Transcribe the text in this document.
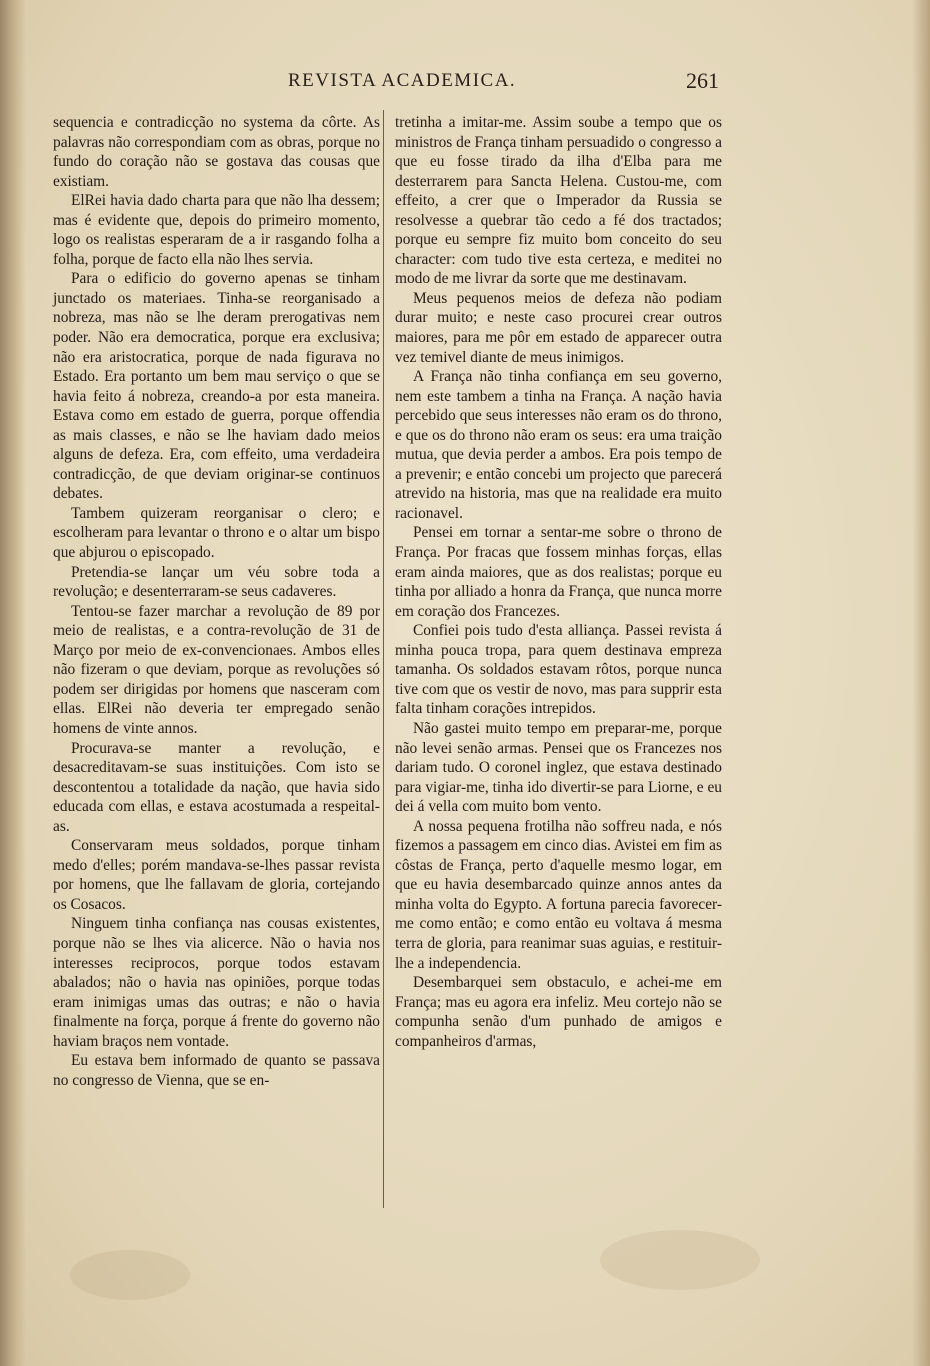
REVISTA ACADEMICA.	261

sequencia e contradicção no systema da côrte. As palavras não correspondiam com as obras, porque no fundo do coração não se gostava das cousas que existiam.

ElRei havia dado charta para que não lha dessem; mas é evidente que, depois do primeiro momento, logo os realistas esperaram de a ir rasgando folha a folha, porque de facto ella não lhes servia.

Para o edificio do governo apenas se tinham junctado os materiaes. Tinha-se reorganisado a nobreza, mas não se lhe deram prerogativas nem poder. Não era democratica, porque era exclusiva; não era aristocratica, porque de nada figurava no Estado. Era portanto um bem mau serviço o que se havia feito á nobreza, creando-a por esta maneira. Estava como em estado de guerra, porque offendia as mais classes, e não se lhe haviam dado meios alguns de defeza. Era, com effeito, uma verdadeira contradicção, de que deviam originar-se continuos debates.

Tambem quizeram reorganisar o clero; e escolheram para levantar o throno e o altar um bispo que abjurou o episcopado.

Pretendia-se lançar um véu sobre toda a revolução; e desenterraram-se seus cadaveres.

Tentou-se fazer marchar a revolução de 89 por meio de realistas, e a contra-revolução de 31 de Março por meio de ex-convencionaes. Ambos elles não fizeram o que deviam, porque as revoluções só podem ser dirigidas por homens que nasceram com ellas. ElRei não deveria ter empregado senão homens de vinte annos.

Procurava-se manter a revolução, e desacreditavam-se suas instituições. Com isto se descontentou a totalidade da nação, que havia sido educada com ellas, e estava acostumada a respeital-as.

Conservaram meus soldados, porque tinham medo d'elles; porém mandava-se-lhes passar revista por homens, que lhe fallavam de gloria, cortejando os Cosacos.

Ninguem tinha confiança nas cousas existentes, porque não se lhes via alicerce. Não o havia nos interesses reciprocos, porque todos estavam abalados; não o havia nas opiniões, porque todas eram inimigas umas das outras; e não o havia finalmente na força, porque á frente do governo não haviam braços nem vontade.

Eu estava bem informado de quanto se passava no congresso de Vienna, que se en-

tretinha a imitar-me. Assim soube a tempo que os ministros de França tinham persuadido o congresso a que eu fosse tirado da ilha d'Elba para me desterrarem para Sancta Helena. Custou-me, com effeito, a crer que o Imperador da Russia se resolvesse a quebrar tão cedo a fé dos tractados; porque eu sempre fiz muito bom conceito do seu character: com tudo tive esta certeza, e meditei no modo de me livrar da sorte que me destinavam.

Meus pequenos meios de defeza não podiam durar muito; e neste caso procurei crear outros maiores, para me pôr em estado de apparecer outra vez temivel diante de meus inimigos.

A França não tinha confiança em seu governo, nem este tambem a tinha na França. A nação havia percebido que seus interesses não eram os do throno, e que os do throno não eram os seus: era uma traição mutua, que devia perder a ambos. Era pois tempo de a prevenir; e então concebi um projecto que parecerá atrevido na historia, mas que na realidade era muito racionavel.

Pensei em tornar a sentar-me sobre o throno de França. Por fracas que fossem minhas forças, ellas eram ainda maiores, que as dos realistas; porque eu tinha por alliado a honra da França, que nunca morre em coração dos Francezes.

Confiei pois tudo d'esta alliança. Passei revista á minha pouca tropa, para quem destinava empreza tamanha. Os soldados estavam rôtos, porque nunca tive com que os vestir de novo, mas para supprir esta falta tinham corações intrepidos.

Não gastei muito tempo em preparar-me, porque não levei senão armas. Pensei que os Francezes nos dariam tudo. O coronel inglez, que estava destinado para vigiar-me, tinha ido divertir-se para Liorne, e eu dei á vella com muito bom vento.

A nossa pequena frotilha não soffreu nada, e nós fizemos a passagem em cinco dias. Avistei em fim as côstas de França, perto d'aquelle mesmo logar, em que eu havia desembarcado quinze annos antes da minha volta do Egypto. A fortuna parecia favorecer-me como então; e como então eu voltava á mesma terra de gloria, para reanimar suas aguias, e restituir-lhe a independencia.

Desembarquei sem obstaculo, e achei-me em França; mas eu agora era infeliz. Meu cortejo não se compunha senão d'um punhado de amigos e companheiros d'armas,
